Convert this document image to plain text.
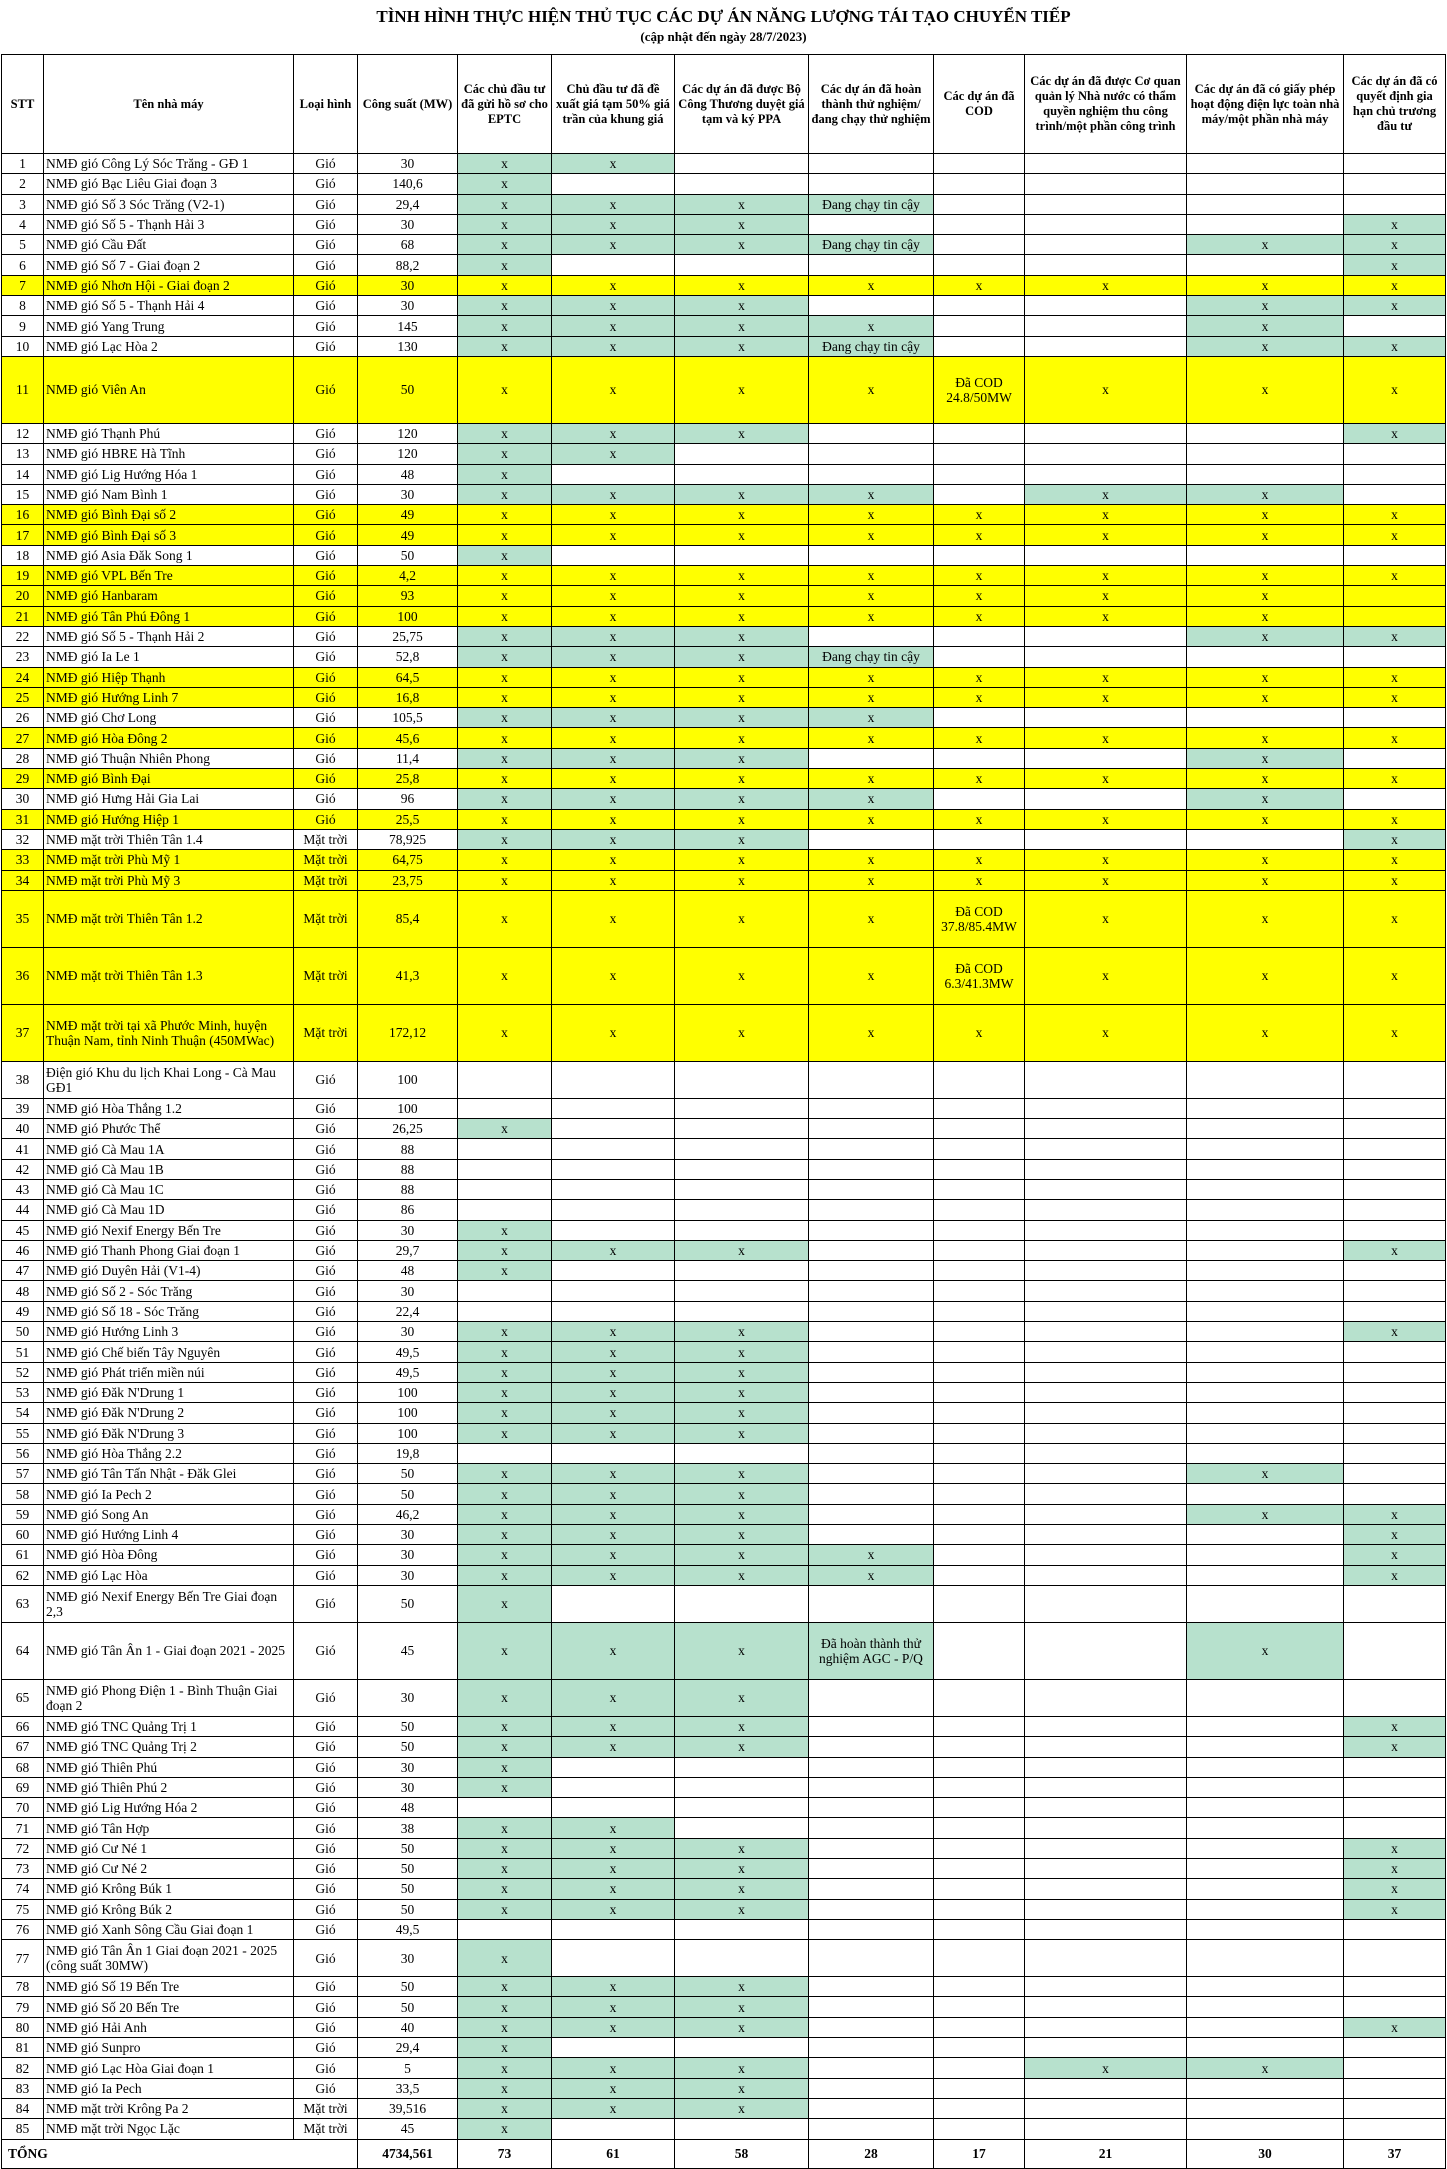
TÌNH HÌNH THỰC HIỆN THỦ TỤC CÁC DỰ ÁN NĂNG LƯỢNG TÁI TẠO CHUYỂN TIẾP
(cập nhật đến ngày 28/7/2023)
STT	Tên nhà máy	Loại hình	Công suất (MW)	Các chủ đầu tư đã gửi hồ sơ cho EPTC	Chủ đầu tư đã đề xuất giá tạm 50% giá trần của khung giá	Các dự án đã được Bộ Công Thương duyệt giá tạm và ký PPA	Các dự án đã hoàn thành thử nghiệm/đang chạy thử nghiệm	Các dự án đã COD	Các dự án đã được Cơ quan quản lý Nhà nước có thẩm quyền nghiệm thu công trình/một phần công trình	Các dự án đã có giấy phép hoạt động điện lực toàn nhà máy/một phần nhà máy	Các dự án đã có quyết định gia hạn chủ trương đầu tư
1	NMĐ gió Công Lý Sóc Trăng - GĐ 1	Gió	30	x	x						
2	NMĐ gió Bạc Liêu Giai đoạn 3	Gió	140,6	x							
3	NMĐ gió Số 3 Sóc Trăng (V2-1)	Gió	29,4	x	x	x	Đang chạy tin cậy				
4	NMĐ gió Số 5 - Thạnh Hải 3	Gió	30	x	x	x					x
5	NMĐ gió Cầu Đất	Gió	68	x	x	x	Đang chạy tin cậy			x	x
6	NMĐ gió Số 7 - Giai đoạn 2	Gió	88,2	x							x
7	NMĐ gió Nhơn Hội - Giai đoạn 2	Gió	30	x	x	x	x	x	x	x	x
8	NMĐ gió Số 5 - Thạnh Hải 4	Gió	30	x	x	x				x	x
9	NMĐ gió Yang Trung	Gió	145	x	x	x	x			x	
10	NMĐ gió Lạc Hòa 2	Gió	130	x	x	x	Đang chạy tin cậy			x	x
11	NMĐ gió Viên An	Gió	50	x	x	x	x	Đã COD 24.8/50MW	x	x	x
12	NMĐ gió Thạnh Phú	Gió	120	x	x	x					x
13	NMĐ gió HBRE Hà Tĩnh	Gió	120	x	x						
14	NMĐ gió Lig Hướng Hóa 1	Gió	48	x							
15	NMĐ gió Nam Bình 1	Gió	30	x	x	x	x		x	x	
16	NMĐ gió Bình Đại số 2	Gió	49	x	x	x	x	x	x	x	x
17	NMĐ gió Bình Đại số 3	Gió	49	x	x	x	x	x	x	x	x
18	NMĐ gió Asia Đăk Song 1	Gió	50	x							
19	NMĐ gió VPL Bến Tre	Gió	4,2	x	x	x	x	x	x	x	x
20	NMĐ gió Hanbaram	Gió	93	x	x	x	x	x	x	x	
21	NMĐ gió Tân Phú Đông 1	Gió	100	x	x	x	x	x	x	x	
22	NMĐ gió Số 5 - Thạnh Hải 2	Gió	25,75	x	x	x				x	x
23	NMĐ gió Ia Le 1	Gió	52,8	x	x	x	Đang chạy tin cậy				
24	NMĐ gió Hiệp Thạnh	Gió	64,5	x	x	x	x	x	x	x	x
25	NMĐ gió Hướng Linh 7	Gió	16,8	x	x	x	x	x	x	x	x
26	NMĐ gió Chơ Long	Gió	105,5	x	x	x	x				
27	NMĐ gió Hòa Đông 2	Gió	45,6	x	x	x	x	x	x	x	x
28	NMĐ gió Thuận Nhiên Phong	Gió	11,4	x	x	x				x	
29	NMĐ gió Bình Đại	Gió	25,8	x	x	x	x	x	x	x	x
30	NMĐ gió Hưng Hải Gia Lai	Gió	96	x	x	x	x			x	
31	NMĐ gió Hướng Hiệp 1	Gió	25,5	x	x	x	x	x	x	x	x
32	NMĐ mặt trời Thiên Tân 1.4	Mặt trời	78,925	x	x	x					x
33	NMĐ mặt trời Phù Mỹ 1	Mặt trời	64,75	x	x	x	x	x	x	x	x
34	NMĐ mặt trời Phù Mỹ 3	Mặt trời	23,75	x	x	x	x	x	x	x	x
35	NMĐ mặt trời Thiên Tân 1.2	Mặt trời	85,4	x	x	x	x	Đã COD 37.8/85.4MW	x	x	x
36	NMĐ mặt trời Thiên Tân 1.3	Mặt trời	41,3	x	x	x	x	Đã COD 6.3/41.3MW	x	x	x
37	NMĐ mặt trời tại xã Phước Minh, huyện Thuận Nam, tỉnh Ninh Thuận (450MWac)	Mặt trời	172,12	x	x	x	x	x	x	x	x
38	Điện gió Khu du lịch Khai Long - Cà Mau GĐ1	Gió	100								
39	NMĐ gió Hòa Thắng 1.2	Gió	100								
40	NMĐ gió Phước Thể	Gió	26,25	x							
41	NMĐ gió Cà Mau 1A	Gió	88								
42	NMĐ gió Cà Mau 1B	Gió	88								
43	NMĐ gió Cà Mau 1C	Gió	88								
44	NMĐ gió Cà Mau 1D	Gió	86								
45	NMĐ gió Nexif Energy Bến Tre	Gió	30	x							
46	NMĐ gió Thanh Phong Giai đoạn 1	Gió	29,7	x	x	x					x
47	NMĐ gió Duyên Hải (V1-4)	Gió	48	x							
48	NMĐ gió Số 2 - Sóc Trăng	Gió	30								
49	NMĐ gió Số 18 - Sóc Trăng	Gió	22,4								
50	NMĐ gió Hướng Linh 3	Gió	30	x	x	x					x
51	NMĐ gió Chế biến Tây Nguyên	Gió	49,5	x	x	x					
52	NMĐ gió Phát triển miền núi	Gió	49,5	x	x	x					
53	NMĐ gió Đăk N'Drung 1	Gió	100	x	x	x					
54	NMĐ gió Đăk N'Drung 2	Gió	100	x	x	x					
55	NMĐ gió Đăk N'Drung 3	Gió	100	x	x	x					
56	NMĐ gió Hòa Thắng 2.2	Gió	19,8								
57	NMĐ gió Tân Tấn Nhật - Đăk Glei	Gió	50	x	x	x				x	
58	NMĐ gió Ia Pech 2	Gió	50	x	x	x					
59	NMĐ gió Song An	Gió	46,2	x	x	x				x	x
60	NMĐ gió Hướng Linh 4	Gió	30	x	x	x					x
61	NMĐ gió Hòa Đông	Gió	30	x	x	x	x				x
62	NMĐ gió Lạc Hòa	Gió	30	x	x	x	x				x
63	NMĐ gió Nexif Energy Bến Tre Giai đoạn 2,3	Gió	50	x							
64	NMĐ gió Tân Ân 1 - Giai đoạn 2021 - 2025	Gió	45	x	x	x	Đã hoàn thành thử nghiệm AGC - P/Q			x	
65	NMĐ gió Phong Điện 1 - Bình Thuận Giai đoạn 2	Gió	30	x	x	x					
66	NMĐ gió TNC Quảng Trị 1	Gió	50	x	x	x					x
67	NMĐ gió TNC Quảng Trị 2	Gió	50	x	x	x					x
68	NMĐ gió Thiên Phú	Gió	30	x							
69	NMĐ gió Thiên Phú 2	Gió	30	x							
70	NMĐ gió Lig Hướng Hóa 2	Gió	48								
71	NMĐ gió Tân Hợp	Gió	38	x	x						
72	NMĐ gió Cư Né 1	Gió	50	x	x	x					x
73	NMĐ gió Cư Né 2	Gió	50	x	x	x					x
74	NMĐ gió Krông Búk 1	Gió	50	x	x	x					x
75	NMĐ gió Krông Búk 2	Gió	50	x	x	x					x
76	NMĐ gió Xanh Sông Cầu Giai đoạn 1	Gió	49,5								
77	NMĐ gió Tân Ân 1 Giai đoạn 2021 - 2025 (công suất 30MW)	Gió	30	x							
78	NMĐ gió Số 19 Bến Tre	Gió	50	x	x	x					
79	NMĐ gió Số 20 Bến Tre	Gió	50	x	x	x					
80	NMĐ gió Hải Anh	Gió	40	x	x	x					x
81	NMĐ gió Sunpro	Gió	29,4	x							
82	NMĐ gió Lạc Hòa Giai đoạn 1	Gió	5	x	x	x			x	x	
83	NMĐ gió Ia Pech	Gió	33,5	x	x	x					
84	NMĐ mặt trời Krông Pa 2	Mặt trời	39,516	x	x	x					
85	NMĐ mặt trời Ngọc Lặc	Mặt trời	45	x							
TỔNG			4734,561	73	61	58	28	17	21	30	37
